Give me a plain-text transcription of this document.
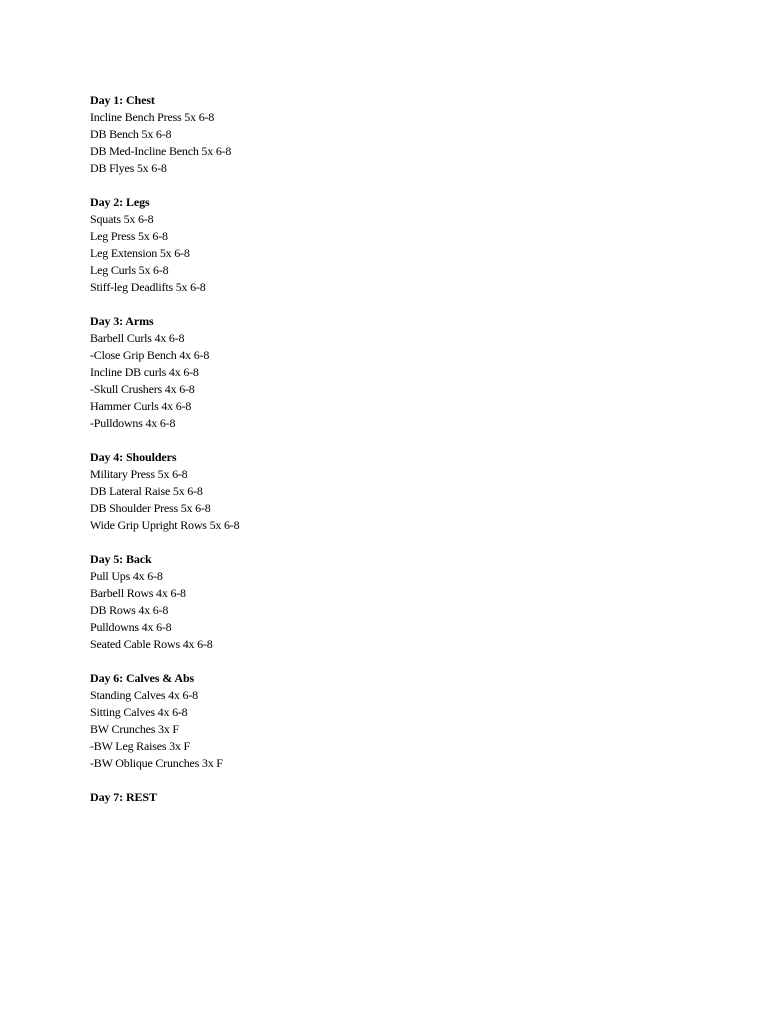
Day 1: Chest
Incline Bench Press 5x 6-8
DB Bench 5x 6-8
DB Med-Incline Bench 5x 6-8
DB Flyes 5x 6-8
Day 2: Legs
Squats 5x 6-8
Leg Press 5x 6-8
Leg Extension 5x 6-8
Leg Curls 5x 6-8
Stiff-leg Deadlifts 5x 6-8
Day 3: Arms
Barbell Curls 4x 6-8
-Close Grip Bench 4x 6-8
Incline DB curls 4x 6-8
-Skull Crushers 4x 6-8
Hammer Curls 4x 6-8
-Pulldowns 4x 6-8
Day 4: Shoulders
Military Press 5x 6-8
DB Lateral Raise 5x 6-8
DB Shoulder Press 5x 6-8
Wide Grip Upright Rows 5x 6-8
Day 5: Back
Pull Ups 4x 6-8
Barbell Rows 4x 6-8
DB Rows 4x 6-8
Pulldowns 4x 6-8
Seated Cable Rows 4x 6-8
Day 6: Calves & Abs
Standing Calves 4x 6-8
Sitting Calves 4x 6-8
BW Crunches 3x F
-BW Leg Raises 3x F
-BW Oblique Crunches 3x F
Day 7: REST
